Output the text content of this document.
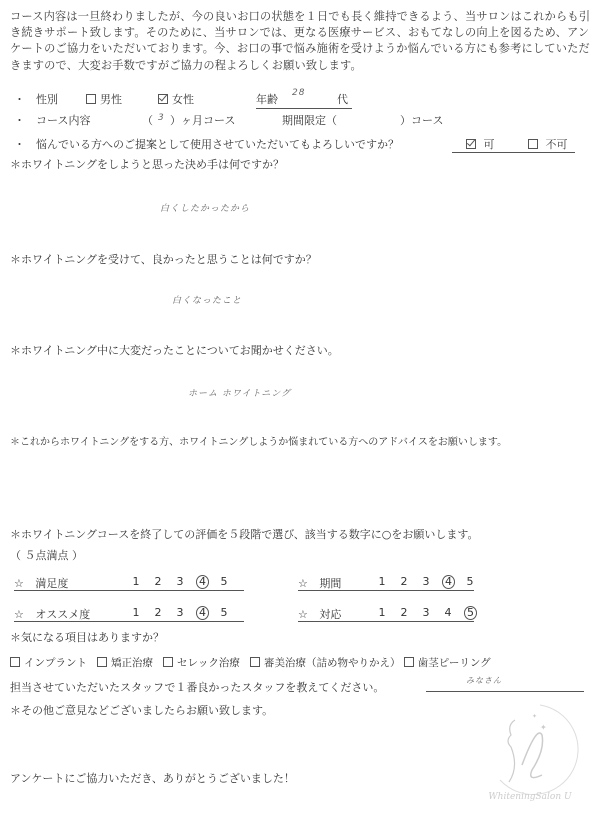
コース内容は一旦終わりましたが、今の良いお口の状態を１日でも長く維持できるよう、当サロンはこれからも引き続きサポート致します。そのために、当サロンでは、更なる医療サービス、おもてなしの向上を図るため、アンケートのご協力をいただいております。今、お口の事で悩み施術を受けようか悩んでいる方にも参考にしていただきますので、大変お手数ですがご協力の程よろしくお願い致します。
・ 性別	男性	女性	年齢 28	代
・ コース内容	（ 3 ）ヶ月コース	期間限定（	）コース
・ 悩んでいる方へのご提案として使用させていただいてもよろしいですか？	可	不可
＊ホワイトニングをしようと思った決め手は何ですか？
白くしたかったから
＊ホワイトニングを受けて、良かったと思うことは何ですか？
白くなったこと
＊ホワイトニング中に大変だったことについてお聞かせください。
ホーム ホワイトニング
＊これからホワイトニングをする方、ホワイトニングしようか悩まれている方へのアドバイスをお願いします。
＊ホワイトニングコースを終了しての評価を５段階で選び、該当する数字に○をお願いします。
（ ５点満点 ）
☆ 満足度	1 2 3 4 5	☆ 期間	1 2 3 4 5
☆ オススメ度	1 2 3 4 5	☆ 対応	1 2 3 4 5
＊気になる項目はありますか？
インプラント 矯正治療 セレック治療 審美治療（詰め物やりかえ） 歯茎ピーリング
担当させていただいたスタッフで１番良かったスタッフを教えてください。
みなさん
＊その他ご意見などございましたらお願い致します。
アンケートにご協力いただき、ありがとうございました！
✦
✦
WhiteningSalon U
